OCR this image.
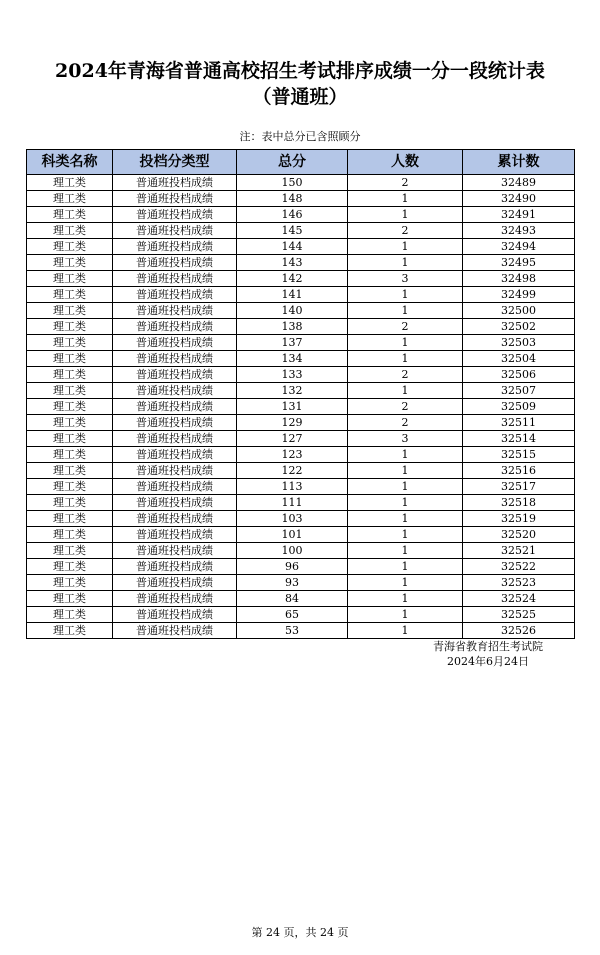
2024年青海省普通高校招生考试排序成绩一分一段统计表
（普通班）
注：表中总分已含照顾分
科类名称	投档分类型	总分	人数	累计数
理工类	普通班投档成绩	150	2	32489
理工类	普通班投档成绩	148	1	32490
理工类	普通班投档成绩	146	1	32491
理工类	普通班投档成绩	145	2	32493
理工类	普通班投档成绩	144	1	32494
理工类	普通班投档成绩	143	1	32495
理工类	普通班投档成绩	142	3	32498
理工类	普通班投档成绩	141	1	32499
理工类	普通班投档成绩	140	1	32500
理工类	普通班投档成绩	138	2	32502
理工类	普通班投档成绩	137	1	32503
理工类	普通班投档成绩	134	1	32504
理工类	普通班投档成绩	133	2	32506
理工类	普通班投档成绩	132	1	32507
理工类	普通班投档成绩	131	2	32509
理工类	普通班投档成绩	129	2	32511
理工类	普通班投档成绩	127	3	32514
理工类	普通班投档成绩	123	1	32515
理工类	普通班投档成绩	122	1	32516
理工类	普通班投档成绩	113	1	32517
理工类	普通班投档成绩	111	1	32518
理工类	普通班投档成绩	103	1	32519
理工类	普通班投档成绩	101	1	32520
理工类	普通班投档成绩	100	1	32521
理工类	普通班投档成绩	96	1	32522
理工类	普通班投档成绩	93	1	32523
理工类	普通班投档成绩	84	1	32524
理工类	普通班投档成绩	65	1	32525
理工类	普通班投档成绩	53	1	32526
青海省教育招生考试院
2024年6月24日
第 24 页，共 24 页
